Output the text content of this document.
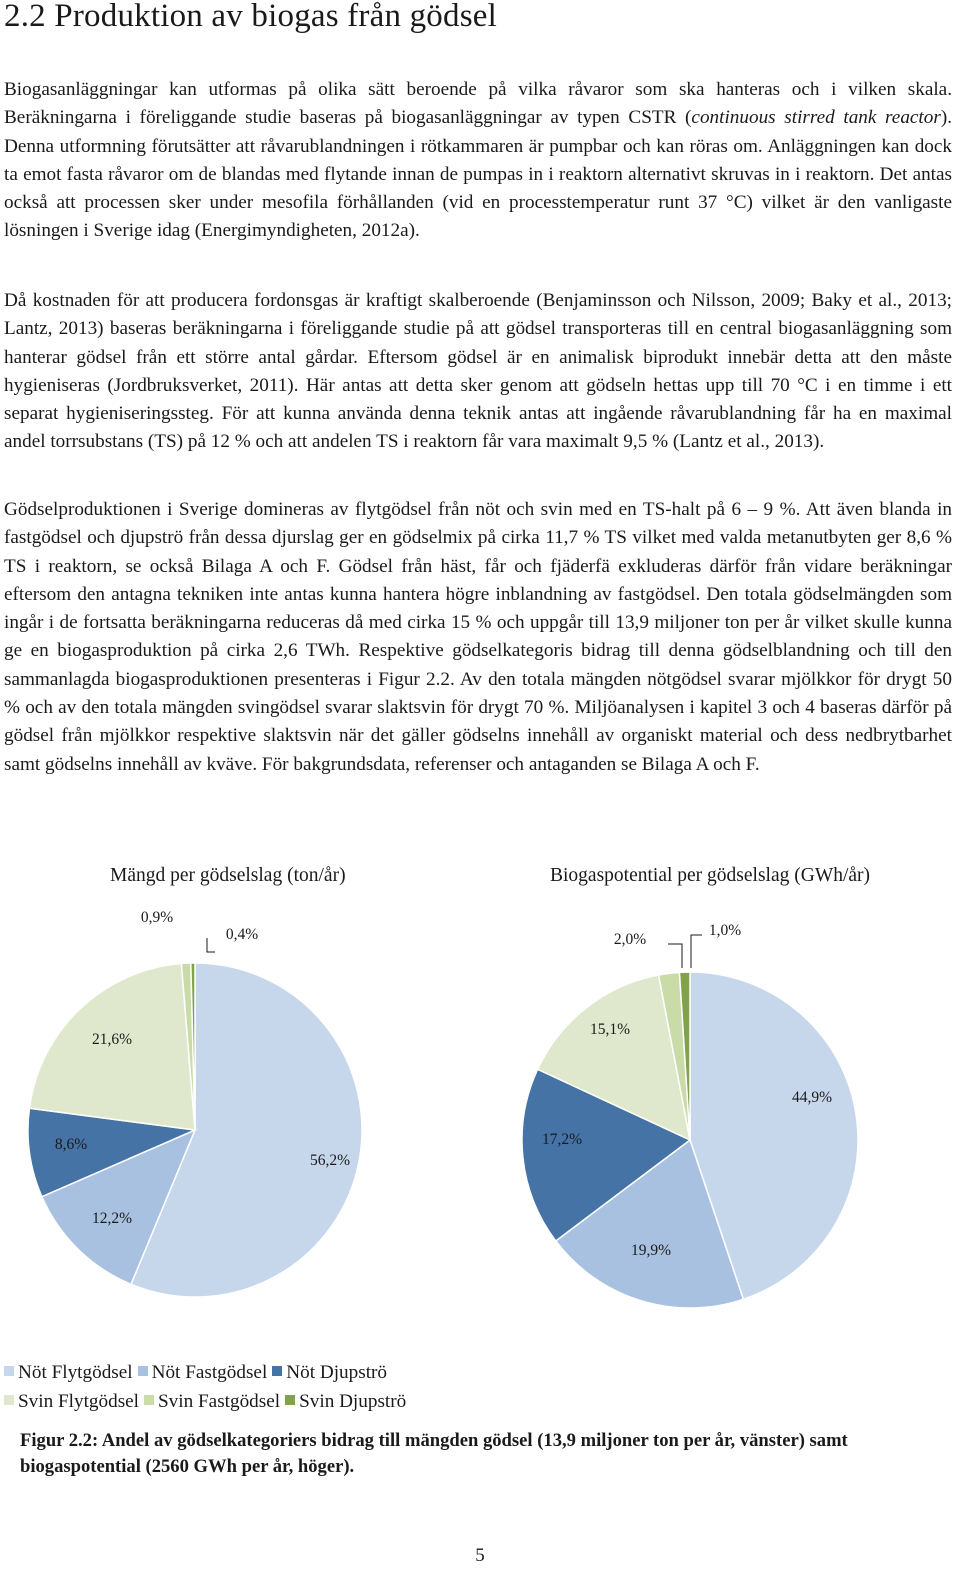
2.2 Produktion av biogas från gödsel

Biogasanläggningar kan utformas på olika sätt beroende på vilka råvaror som ska hanteras och i vilken skala. Beräkningarna i föreliggande studie baseras på biogasanläggningar av typen CSTR (continuous stirred tank reactor). Denna utformning förutsätter att råvarublandningen i rötkammaren är pumpbar och kan röras om. Anläggningen kan dock ta emot fasta råvaror om de blandas med flytande innan de pumpas in i reaktorn alternativt skruvas in i reaktorn. Det antas också att processen sker under mesofila förhållanden (vid en processtemperatur runt 37 °C) vilket är den vanligaste lösningen i Sverige idag (Energimyndigheten, 2012a).

Då kostnaden för att producera fordonsgas är kraftigt skalberoende (Benjaminsson och Nilsson, 2009; Baky et al., 2013; Lantz, 2013) baseras beräkningarna i föreliggande studie på att gödsel transporteras till en central biogasanläggning som hanterar gödsel från ett större antal gårdar. Eftersom gödsel är en animalisk biprodukt innebär detta att den måste hygieniseras (Jordbruksverket, 2011). Här antas att detta sker genom att gödseln hettas upp till 70 °C i en timme i ett separat hygieniseringssteg. För att kunna använda denna teknik antas att ingående råvarublandning får ha en maximal andel torrsubstans (TS) på 12 % och att andelen TS i reaktorn får vara maximalt 9,5 % (Lantz et al., 2013).

Gödselproduktionen i Sverige domineras av flytgödsel från nöt och svin med en TS-halt på 6 – 9 %. Att även blanda in fastgödsel och djupströ från dessa djurslag ger en gödselmix på cirka 11,7 % TS vilket med valda metanutbyten ger 8,6 % TS i reaktorn, se också Bilaga A och F. Gödsel från häst, får och fjäderfä exkluderas därför från vidare beräkningar eftersom den antagna tekniken inte antas kunna hantera högre inblandning av fastgödsel. Den totala gödselmängden som ingår i de fortsatta beräkningarna reduceras då med cirka 15 % och uppgår till 13,9 miljoner ton per år vilket skulle kunna ge en biogasproduktion på cirka 2,6 TWh. Respektive gödselkategoris bidrag till denna gödselblandning och till den sammanlagda biogasproduktionen presenteras i Figur 2.2. Av den totala mängden nötgödsel svarar mjölkkor för drygt 50 % och av den totala mängden svingödsel svarar slaktsvin för drygt 70 %. Miljöanalysen i kapitel 3 och 4 baseras därför på gödsel från mjölkkor respektive slaktsvin när det gäller gödselns innehåll av organiskt material och dess nedbrytbarhet samt gödselns innehåll av kväve. För bakgrundsdata, referenser och antaganden se Bilaga A och F.

Mängd per gödselslag (ton/år)	Biogaspotential per gödselslag (GWh/år)
56,2%
12,2%
8,6%
21,6%
0,9%
0,4%
44,9%
19,9%
17,2%
15,1%
2,0%
1,0%
Nöt Flytgödsel Nöt Fastgödsel Nöt Djupströ
Svin Flytgödsel Svin Fastgödsel Svin Djupströ

Figur 2.2: Andel av gödselkategoriers bidrag till mängden gödsel (13,9 miljoner ton per år, vänster) samt biogaspotential (2560 GWh per år, höger).

5
